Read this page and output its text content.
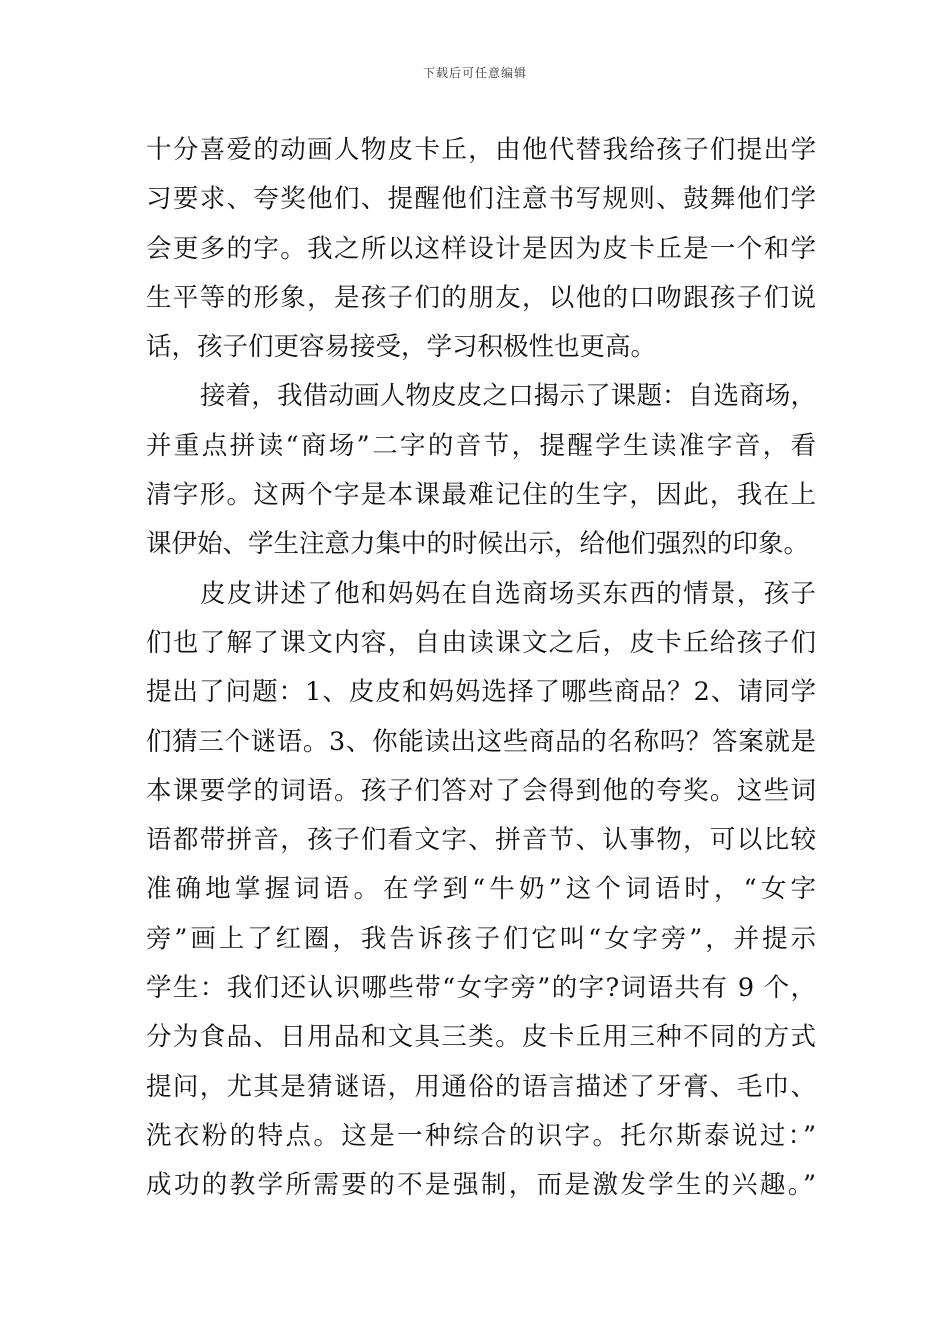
下载后可任意编辑
十分喜爱的动画人物皮卡丘，由他代替我给孩子们提出学
习要求、夸奖他们、提醒他们注意书写规则、鼓舞他们学
会更多的字。我之所以这样设计是因为皮卡丘是一个和学
生平等的形象，是孩子们的朋友，以他的口吻跟孩子们说
话，孩子们更容易接受，学习积极性也更高。
接着，我借动画人物皮皮之口揭示了课题：自选商场，
并重点拼读“商场”二字的音节，提醒学生读准字音，看
清字形。这两个字是本课最难记住的生字，因此，我在上
课伊始、学生注意力集中的时候出示，给他们强烈的印象。
皮皮讲述了他和妈妈在自选商场买东西的情景，孩子
们也了解了课文内容，自由读课文之后，皮卡丘给孩子们
提出了问题：1、皮皮和妈妈选择了哪些商品？2、请同学
们猜三个谜语。3、你能读出这些商品的名称吗？答案就是
本课要学的词语。孩子们答对了会得到他的夸奖。这些词
语都带拼音，孩子们看文字、拼音节、认事物，可以比较
准确地掌握词语。在学到“牛奶”这个词语时，“女字
旁”画上了红圈，我告诉孩子们它叫“女字旁”，并提示
学生：我们还认识哪些带“女字旁”的字?词语共有 9 个，
分为食品、日用品和文具三类。皮卡丘用三种不同的方式
提问，尤其是猜谜语，用通俗的语言描述了牙膏、毛巾、
洗衣粉的特点。这是一种综合的识字。托尔斯泰说过：”
成功的教学所需要的不是强制，而是激发学生的兴趣。”
